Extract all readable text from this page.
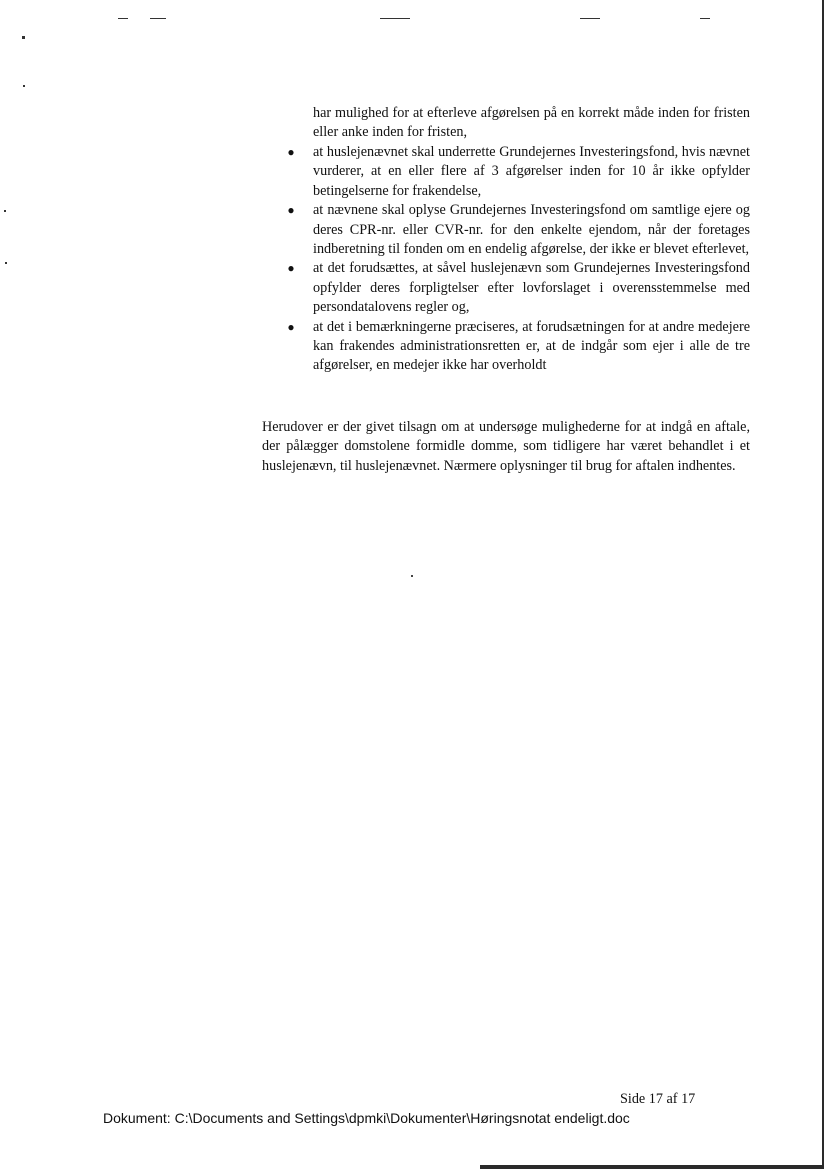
har mulighed for at efterleve afgørelsen på en korrekt måde inden for fristen eller anke inden for fristen,

● at huslejenævnet skal underrette Grundejernes Investeringsfond, hvis nævnet vurderer, at en eller flere af 3 afgørelser inden for 10 år ikke opfylder betingelserne for frakendelse,
● at nævnene skal oplyse Grundejernes Investeringsfond om samtlige ejere og deres CPR-nr. eller CVR-nr. for den enkelte ejendom, når der foretages indberetning til fonden om en endelig afgørelse, der ikke er blevet efterlevet,
● at det forudsættes, at såvel huslejenævn som Grundejernes Investeringsfond opfylder deres forpligtelser efter lovforslaget i overensstemmelse med persondatalovens regler og,
● at det i bemærkningerne præciseres, at forudsætningen for at andre medejere kan frakendes administrationsretten er, at de indgår som ejer i alle de tre afgørelser, en medejer ikke har overholdt

Herudover er der givet tilsagn om at undersøge mulighederne for at indgå en aftale, der pålægger domstolene formidle domme, som tidligere har været behandlet i et huslejenævn, til huslejenævnet. Nærmere oplysninger til brug for aftalen indhentes.

Side 17 af 17
Dokument: C:\Documents and Settings\dpmki\Dokumenter\Høringsnotat endeligt.doc
